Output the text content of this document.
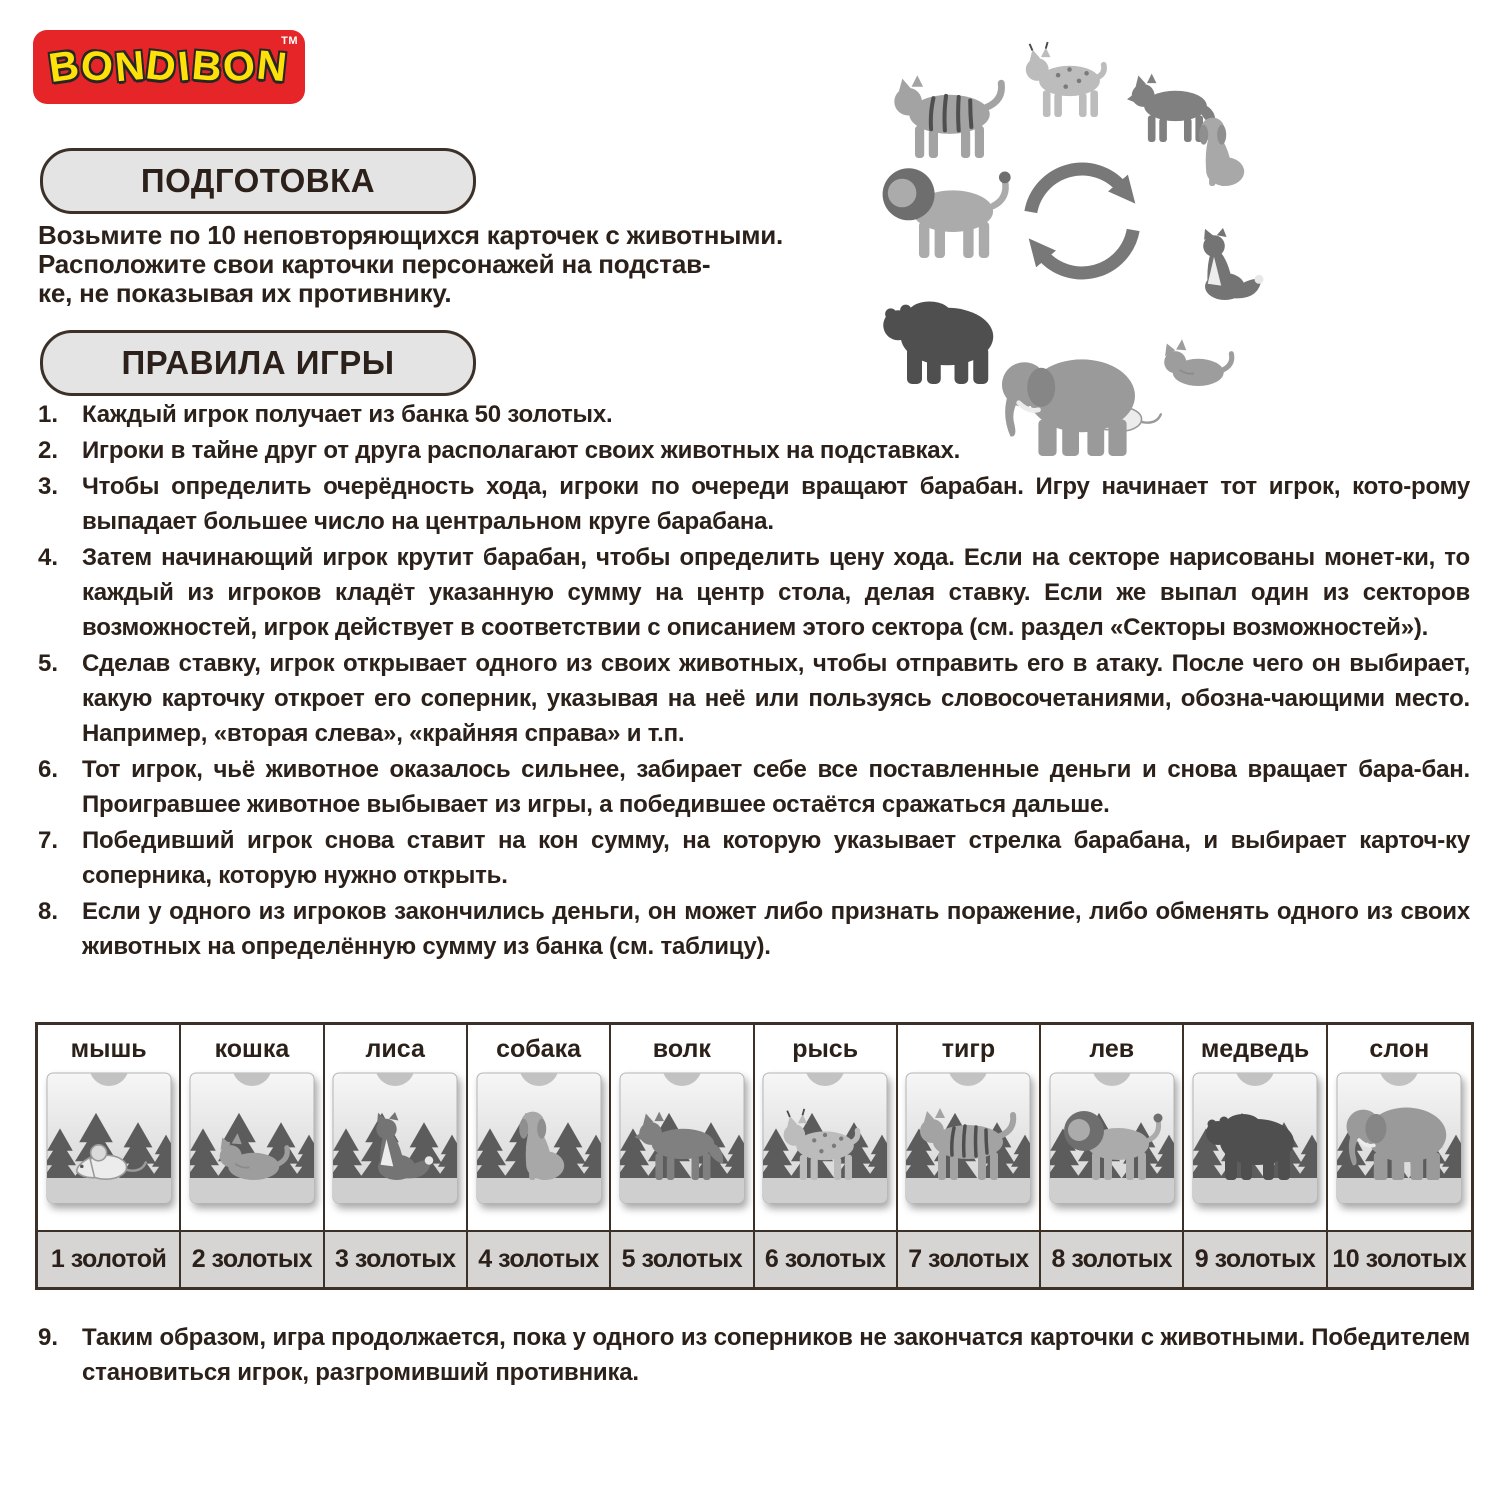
BONDIBON
TM
ПОДГОТОВКА
Возьмите по 10 неповторяющихся карточек с животными.
Расположите свои карточки персонажей на подстав-
ке, не показывая их противнику.
ПРАВИЛА ИГРЫ
1. Каждый игрок получает из банка 50 золотых.
2. Игроки в тайне друг от друга располагают своих животных на подставках.
3. Чтобы определить очерёдность хода, игроки по очереди вращают барабан. Игру начинает тот игрок, кото-рому выпадает большее число на центральном круге барабана.
4. Затем начинающий игрок крутит барабан, чтобы определить цену хода. Если на секторе нарисованы монет-ки, то каждый из игроков кладёт указанную сумму на центр стола, делая ставку. Если же выпал один из секторов возможностей, игрок действует в соответствии с описанием этого сектора (см. раздел «Секторы возможностей»).
5. Сделав ставку, игрок открывает одного из своих животных, чтобы отправить его в атаку. После чего он выбирает, какую карточку откроет его соперник, указывая на неё или пользуясь словосочетаниями, обозна-чающими место. Например, «вторая слева», «крайняя справа» и т.п.
6. Тот игрок, чьё животное оказалось сильнее, забирает себе все поставленные деньги и снова вращает бара-бан. Проигравшее животное выбывает из игры, а победившее остаётся сражаться дальше.
7. Победивший игрок снова ставит на кон сумму, на которую указывает стрелка барабана, и выбирает карточ-ку соперника, которую нужно открыть.
8. Если у одного из игроков закончились деньги, он может либо признать поражение, либо обменять одного из своих животных на определённую сумму из банка (см. таблицу).
мышь	кошка	лиса	собака	волк	рысь	тигр	лев	медведь	слон
1 золотой	2 золотых 3 золотых 4 золотых 5 золотых 6 золотых 7 золотых 8 золотых 9 золотых 10 золотых
9. Таким образом, игра продолжается, пока у одного из соперников не закончатся карточки с животными. Победителем становиться игрок, разгромивший противника.
